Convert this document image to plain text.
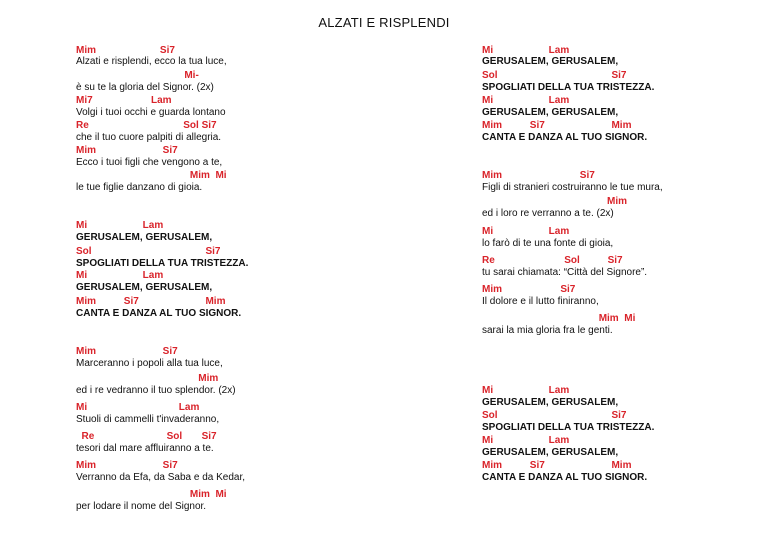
ALZATI E RISPLENDI
Mim                       Si7
Alzati e risplendi, ecco la tua luce,
Mi-
è su te la gloria del Signor. (2x)
Mi7                     Lam
Volgi i tuoi occhi e guarda lontano
Re                                  Sol Si7
che il tuo cuore palpiti di allegria.
Mim                        Si7
Ecco i tuoi figli che vengono a te,
Mim  Mi
le tue figlie danzano di gioia.
Mi                    Lam
GERUSALEM, GERUSALEM,
Sol                                         Si7
SPOGLIATI DELLA TUA TRISTEZZA.
Mi                    Lam
GERUSALEM, GERUSALEM,
Mim          Si7                        Mim
CANTA E DANZA AL TUO SIGNOR.
Mim                        Si7
Marceranno i popoli alla tua luce,
Mim
ed i re vedranno il tuo splendor. (2x)
Mi                                 Lam
Stuoli di cammelli t'invaderanno,
Re                          Sol       Si7
tesori dal mare affluiranno a te.
Mim                        Si7
Verranno da Efa, da Saba e da Kedar,
Mim  Mi
per lodare il nome del Signor.
Mi                    Lam
GERUSALEM, GERUSALEM,
Sol                                         Si7
SPOGLIATI DELLA TUA TRISTEZZA.
Mi                    Lam
GERUSALEM, GERUSALEM,
Mim          Si7                        Mim
CANTA E DANZA AL TUO SIGNOR.
Mim                            Si7
Figli di stranieri costruiranno le tue mura,
Mim
ed i loro re verranno a te. (2x)
Mi                    Lam
lo farò di te una fonte di gioia,
Re                         Sol          Si7
tu sarai chiamata: “Città del Signore”.
Mim                     Si7
Il dolore e il lutto finiranno,
Mim  Mi
sarai la mia gloria fra le genti.
Mi                    Lam
GERUSALEM, GERUSALEM,
Sol                                         Si7
SPOGLIATI DELLA TUA TRISTEZZA.
Mi                    Lam
GERUSALEM, GERUSALEM,
Mim          Si7                        Mim
CANTA E DANZA AL TUO SIGNOR.
